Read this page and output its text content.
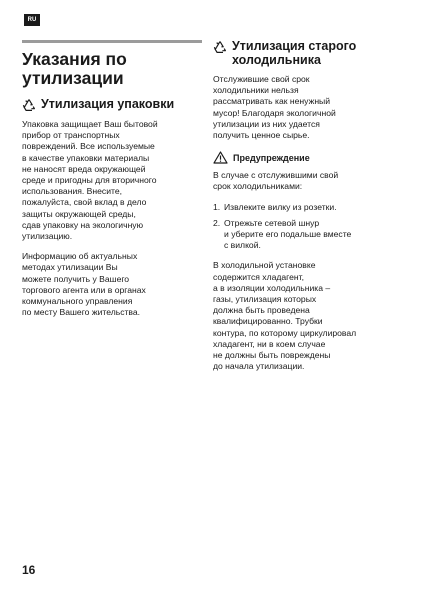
RU
Указания по утилизации
Утилизация упаковки

Упаковка защищает Ваш бытовой
прибор от транспортных
повреждений. Все используемые
в качестве упаковки материалы
не наносят вреда окружающей
среде и пригодны для вторичного
использования. Внесите,
пожалуйста, свой вклад в дело
защиты окружающей среды,
сдав упаковку на экологичную
утилизацию.

Информацию об актуальных
методах утилизации Вы
можете получить у Вашего
торгового агента или в органах
коммунального управления
по месту Вашего жительства.

Утилизация старого холодильника

Отслужившие свой срок
холодильники нельзя
рассматривать как ненужный
мусор! Благодаря экологичной
утилизации из них удается
получить ценное сырье.

Предупреждение

В случае с отслужившими свой
срок холодильниками:

1. Извлеките вилку из розетки.
2. Отрежьте сетевой шнур
и уберите его подальше вместе
с вилкой.

В холодильной установке
содержится хладагент,
а в изоляции холодильника –
газы, утилизация которых
должна быть проведена
квалифицированно. Трубки
контура, по которому циркулировал
хладагент, ни в коем случае
не должны быть повреждены
до начала утилизации.

16
